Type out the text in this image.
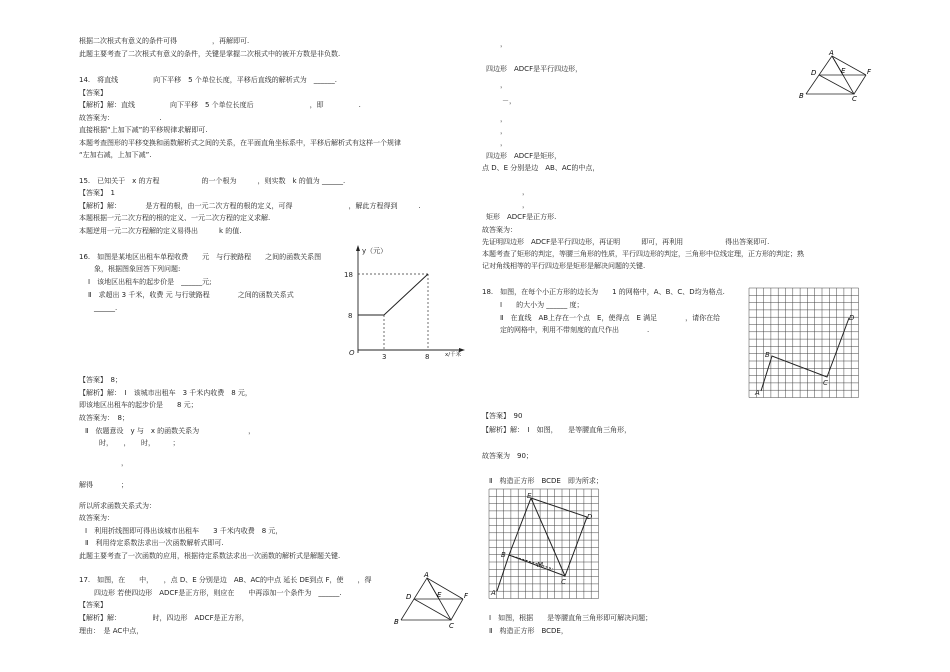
根据二次根式有意义的条件可得　　　　　，再解即可.
此题主要考查了二次根式有意义的条件，关键是掌握二次根式中的被开方数是非负数.
14.　将直线　　　　　向下平移　5 个单位长度，平移后直线的解析式为　______.
【答案】
【解析】解：直线　　　　　向下平移　5 个单位长度后　　　　　　　　，即　　　　　.
故答案为：　　　　　　　.
直接根据“上加下减”的平移规律求解即可.
本题考查图形的平移变换和函数解析式之间的关系，在平面直角坐标系中，平移后解析式有这样一个规律
“左加右减，上加下减”.
15.　已知关于　x 的方程　　　　　　的一个根为　　　，则实数　k 的值为 ______.
【答案】　1
【解析】解：　　　　是方程的根，由一元二次方程的根的定义，可得　　　　　　　　，解此方程得到　　　.
本题根据一元二次方程的根的定义、一元二次方程的定义求解.
本题逆用一元二次方程解的定义易得出　　　k 的值.
16.　如图是某地区出租车单程收费　　元　与行驶路程　　之间的函数关系图
象，根据图象回答下列问题:
Ⅰ　该地区出租车的起步价是　______元;
Ⅱ　求超出 3 千米，收费 元 与行驶路程　　　　之间的函数关系式
______.
【答案】　8；
【解析】解：　Ⅰ　该城市出租车　3 千米内收费　8 元，
即该地区出租车的起步价是　　8 元；
故答案为：　8；
Ⅱ　依题意设　y 与　x 的函数关系为　　　　　　　，
时，　　，　　时，　　　；
，
解得　　　　；
所以所求函数关系式为：
故答案为：
Ⅰ　利用折线图即可得出该城市出租车　　3 千米内收费　8 元，
Ⅱ　利用待定系数法求出一次函数解析式即可.
此题主要考查了一次函数的应用，根据待定系数法求出一次函数的解析式是解题关键.
17.　如图，在　　中，　　，点 D、E 分别是边　AB、AC的中点 延长 DE到点 F，使　　，得
四边形 若使四边形　ADCF是正方形，则应在　　中再添加一个条件为　______.
【答案】
【解析】解：　　　　　时，四边形　ADCF是正方形，
理由：　是 AC中点，
y（元）
x/千米
O
8
18
3	8
A
B	C
D	E	F
，
四边形　ADCF是平行四边形，
，
－，
，
，
，
四边形　ADCF是矩形，
点 D、E 分别是边　AB、AC的中点，
，
，
矩形　ADCF是正方形.
故答案为：
先证明四边形　ADCF是平行四边形，再证明　　　即可，再利用　　　　　　得出答案即可.
本题考查了矩形的判定，等腰三角形的性质，平行四边形的判定，三角形中位线定理，正方形的判定；熟
记对角线相等的平行四边形是矩形是解决问题的关键.
18.　如图，在每个小正方形的边长为　　1 的网格中，A、B、C、D均为格点.
Ⅰ　　的大小为 ______ 度；
Ⅱ　在直线　AB上存在一个点　E，使得点　E 满足　　　　，请你在给
定的网格中，利用不带刻度的直尺作出　　　　.
【答案】　90
【解析】解：　Ⅰ　如图，　　是等腰直角三角形，
故答案为　90；
Ⅱ　构造正方形　BCDE　即为所求；
Ⅰ　如图，根据　　是等腰直角三角形即可解决问题；
Ⅱ　构造正方形　BCDE，
A
B	C
D	E	F
A
B
C
D
A
B
C
D
E
M
